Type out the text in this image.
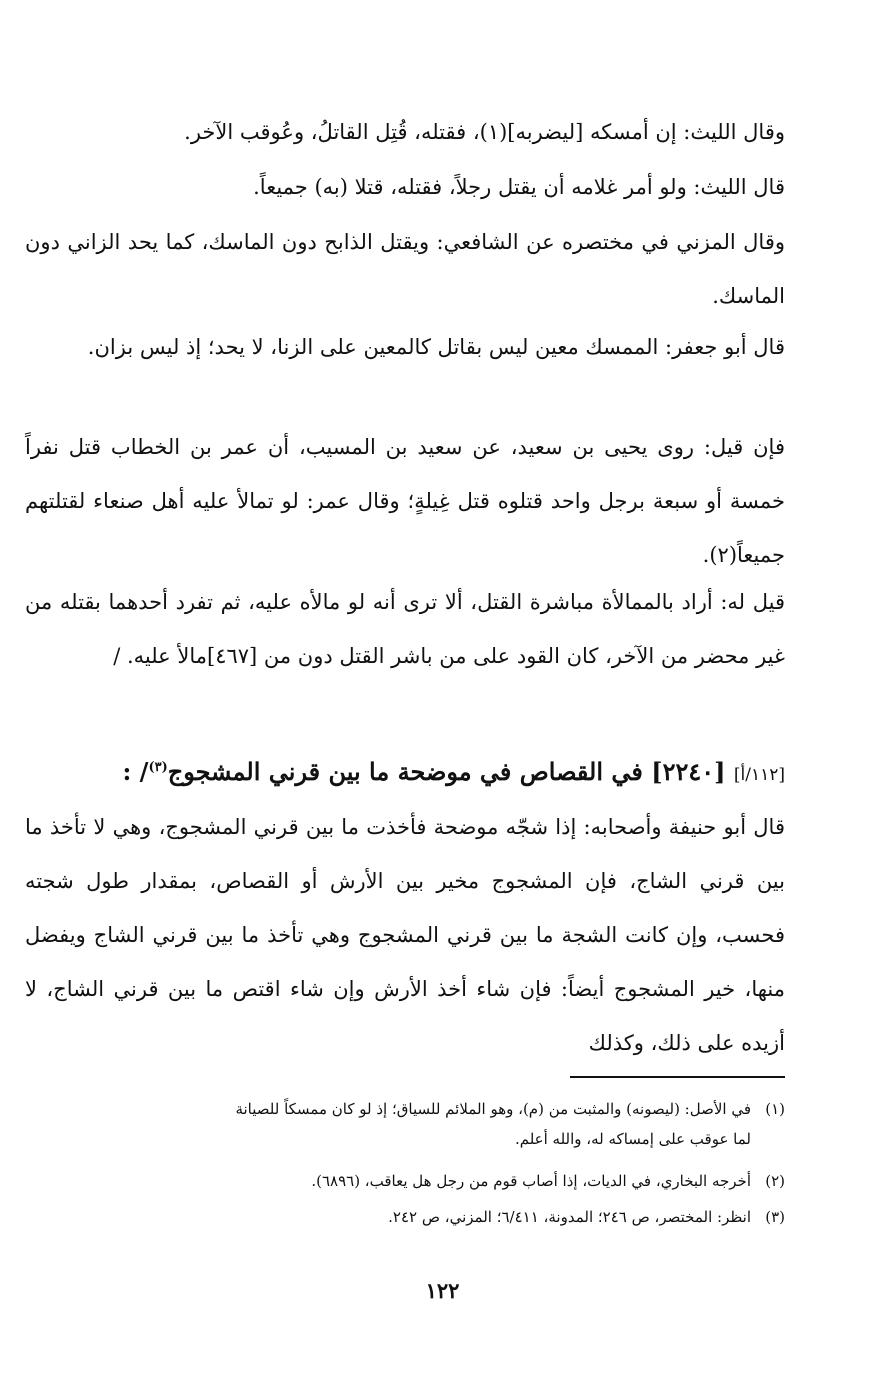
وقال الليث: إن أمسكه [ليضربه](١)، فقتله، قُتِل القاتلُ، وعُوقب الآخر.
قال الليث: ولو أمر غلامه أن يقتل رجلاً، فقتله، قتلا (به) جميعاً.
وقال المزني في مختصره عن الشافعي: ويقتل الذابح دون الماسك، كما يحد الزاني دون الماسك.
قال أبو جعفر: الممسك معين ليس بقاتل كالمعين على الزنا، لا يحد؛ إذ ليس بزان.
فإن قيل: روى يحيى بن سعيد، عن سعيد بن المسيب، أن عمر بن الخطاب قتل نفراً خمسة أو سبعة برجل واحد قتلوه قتل غِيلةٍ؛ وقال عمر: لو تمالأ عليه أهل صنعاء لقتلتهم جميعاً(٢).
قيل له: أراد بالممالأة مباشرة القتل، ألا ترى أنه لو مالأه عليه، ثم تفرد أحدهما بقتله من غير محضر من الآخر، كان القود على من باشر القتل دون من [٤٦٧]مالأ عليه. /
[١١٢/أ] [٢٢٤٠] في القصاص في موضحة ما بين قرني المشجوج$^{(٣)}$/ :
قال أبو حنيفة وأصحابه: إذا شجّه موضحة فأخذت ما بين قرني المشجوج، وهي لا تأخذ ما بين قرني الشاج، فإن المشجوج مخير بين الأرش أو القصاص، بمقدار طول شجته فحسب، وإن كانت الشجة ما بين قرني المشجوج وهي تأخذ ما بين قرني الشاج ويفضل منها، خير المشجوج أيضاً: فإن شاء أخذ الأرش وإن شاء اقتص ما بين قرني الشاج، لا أزيده على ذلك، وكذلك
(١)في الأصل: (ليصونه) والمثبت من (م)، وهو الملائم للسياق؛ إذ لو كان ممسكاً للصيانة
لما عوقب على إمساكه له، والله أعلم.
(٢)أخرجه البخاري، في الديات، إذا أصاب قوم من رجل هل يعاقب، (٦٨٩٦).
(٣)انظر: المختصر، ص ٢٤٦؛ المدونة، ٦/٤١١؛ المزني، ص ٢٤٢.
١٢٢
